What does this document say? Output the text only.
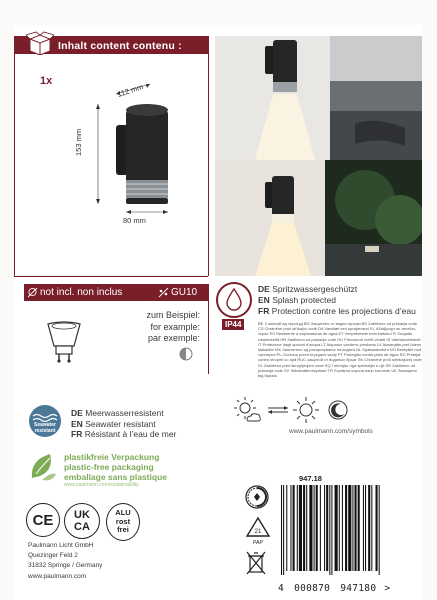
Inhalt content contenu :
1x
112 mm
153 mm
80 mm
not incl. non inclus	GU10
zum Beispiel:
for example:
par exemple:
IP44
DE Spritzwassergeschützt
EN Splash protected
FR Protection contre les projections d’eau
BE З ахичай од пъротуд BG Защитено от водни пръски BS Zaštićeno od prskanja vode CS Chráněné proti stříkající vodě DA Vandtæt ved sprøjtevand EL Αδιάβροχο σε πιτσίλες νερού ES Resistente a salpicaduras de agua ET Veepritsmete eest kaitstud FI Suojattu roiskeveeltä HR Zaštićeno od prskanja vode HU Fröccsenő víztől védett IS Vatnsskvettuhelt IT Protezione dagli spruzzi d’acqua LT Atsparus vandens purslams LV Aizsargāts pret ūdens šļakatām MK Заштитено од распрскување на водата NL Spatwaterdicht NO Beskyttet mot vannsprut PL Ochrona przed bryzgami wody PT Protegido contra jatos de água RO Protejat contra stropirii cu apă RUС защитой от водяных брызг SK Chránené proti striekajúcej vode SL Zaščiteno pred škropljenjem vode SQ I mbrojtur nga spërkatjet e ujit SR Zaštićeno od prskanja vode SV Stänkvattenskyddad TR Sıçratma suyuna karşı korumalı UK Захищено від бризок
www.paulmann.com/symbols
Seawater
resistant
DE Meerwasserresistent
EN Seawater resistant
FR Résistant à l’eau de mer
plastikfreie Verpackung
plastic-free packaging
emballage sans plastique
www.paulmann.com/sustainability
CE UK
CA
ALU
rost
frei
Paulmann Licht GmbH
Quezinger Feld 2
31832 Springe / Germany
www.paulmann.com
947.18
21
PAP
4 000870 947180 >
